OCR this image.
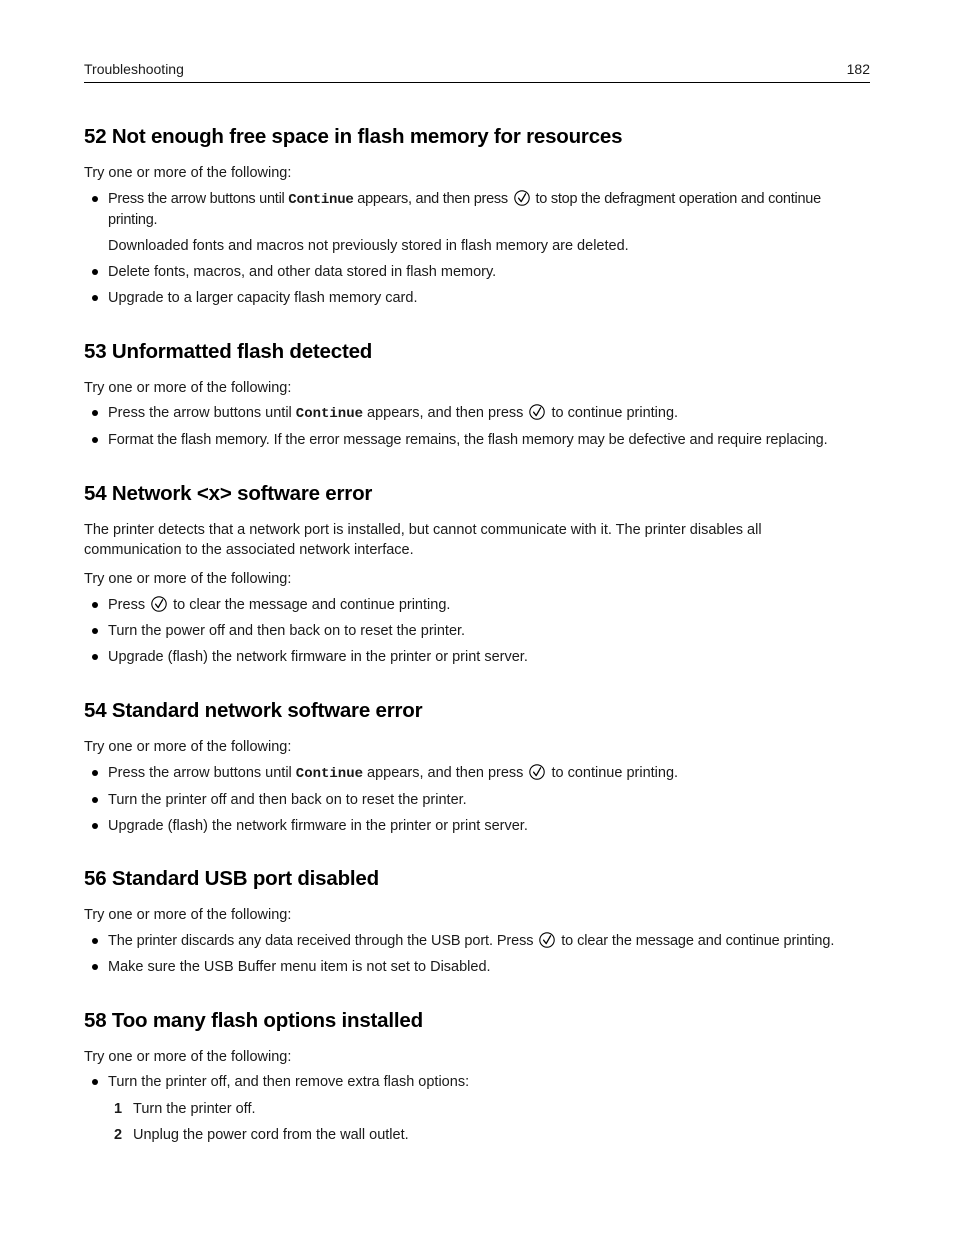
Troubleshooting	182
52 Not enough free space in flash memory for resources

Try one or more of the following:

Press the arrow buttons until Continue appears, and then press  to stop the defragment operation and continue printing.
Downloaded fonts and macros not previously stored in flash memory are deleted.
Delete fonts, macros, and other data stored in flash memory.
Upgrade to a larger capacity flash memory card.
53 Unformatted flash detected

Try one or more of the following:

Press the arrow buttons until Continue appears, and then press  to continue printing.
Format the flash memory. If the error message remains, the flash memory may be defective and require replacing.
54 Network <x> software error

The printer detects that a network port is installed, but cannot communicate with it. The printer disables all communication to the associated network interface.

Try one or more of the following:

Press  to clear the message and continue printing.
Turn the power off and then back on to reset the printer.
Upgrade (flash) the network firmware in the printer or print server.
54 Standard network software error

Try one or more of the following:

Press the arrow buttons until Continue appears, and then press  to continue printing.
Turn the printer off and then back on to reset the printer.
Upgrade (flash) the network firmware in the printer or print server.
56 Standard USB port disabled

Try one or more of the following:

The printer discards any data received through the USB port. Press  to clear the message and continue printing.
Make sure the USB Buffer menu item is not set to Disabled.
58 Too many flash options installed

Try one or more of the following:

Turn the printer off, and then remove extra flash options:
1 Turn the printer off.
2 Unplug the power cord from the wall outlet.
